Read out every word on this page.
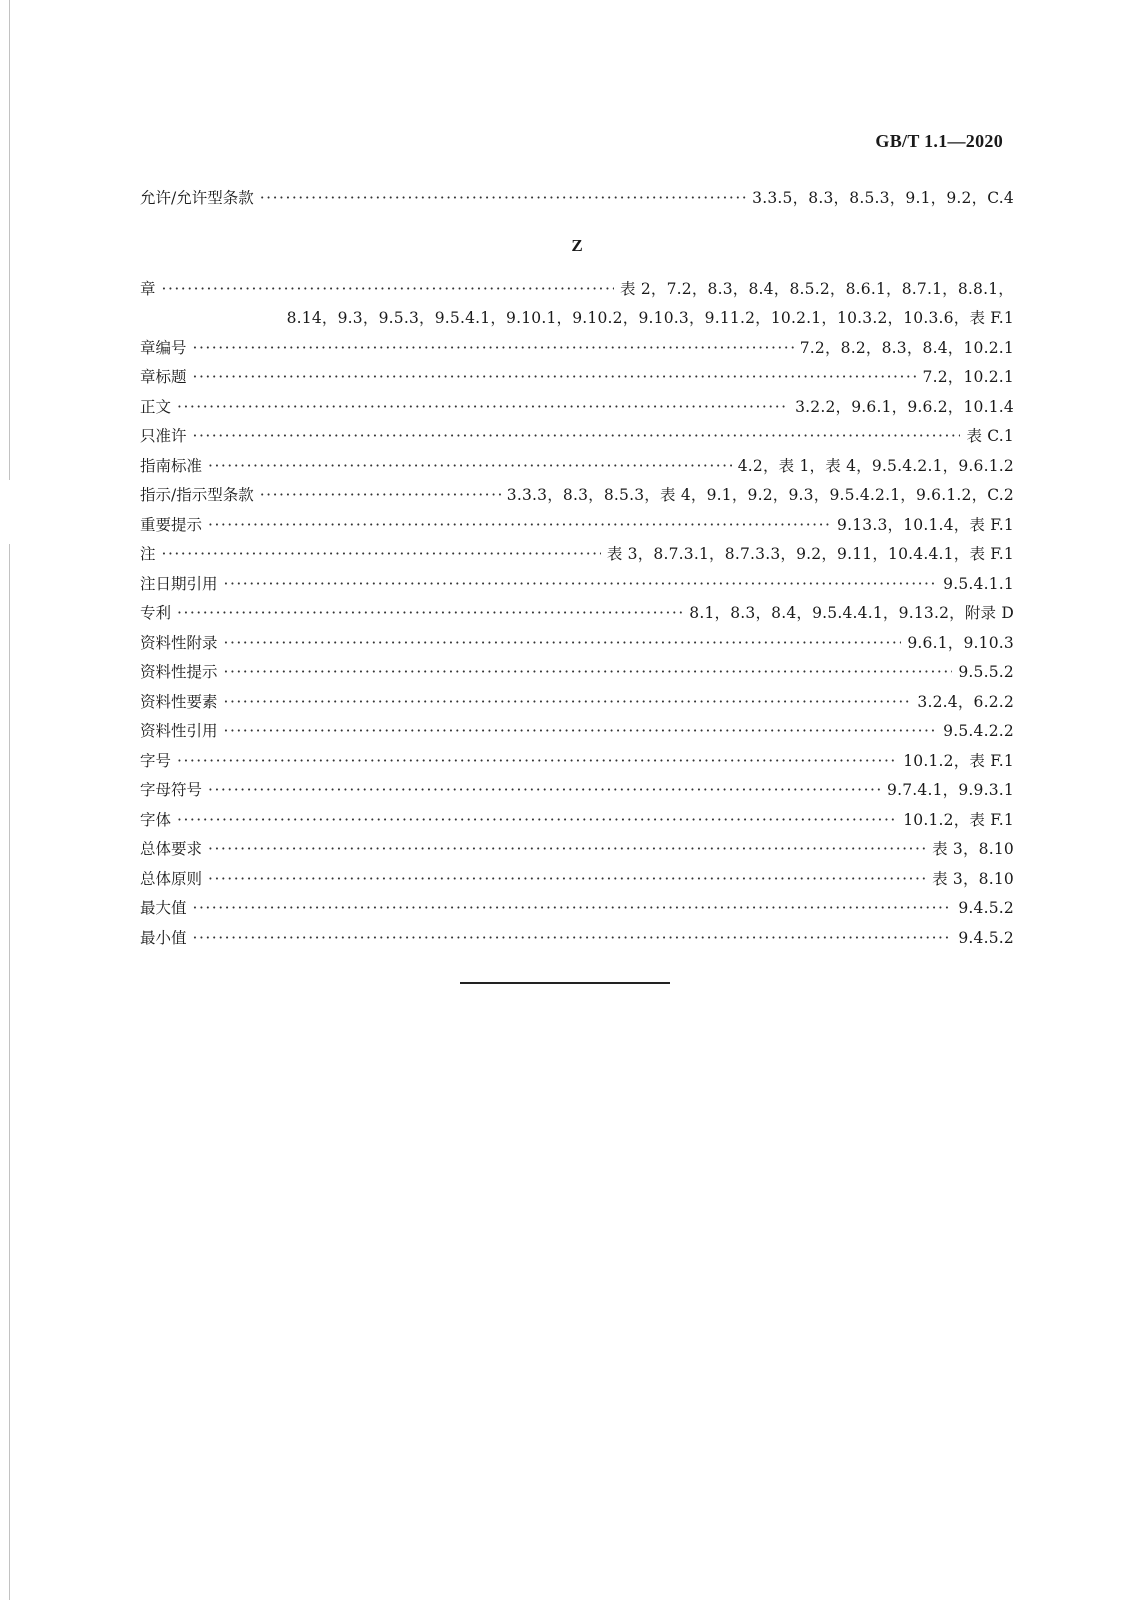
GB/T 1.1—2020
允许/允许型条款 ·····	3.3.5，8.3，8.5.3，9.1，9.2，C.4
Z
章 ·····	表 2，7.2，8.3，8.4，8.5.2，8.6.1，8.7.1，8.8.1，
8.14，9.3，9.5.3，9.5.4.1，9.10.1，9.10.2，9.10.3，9.11.2，10.2.1，10.3.2，10.3.6，表 F.1
章编号 ·····	7.2，8.2，8.3，8.4，10.2.1
章标题 ·····	7.2，10.2.1
正文 ·····	3.2.2，9.6.1，9.6.2，10.1.4
只准许 ·····	表 C.1
指南标准 ·····	4.2，表 1，表 4，9.5.4.2.1，9.6.1.2
指示/指示型条款 ·····	3.3.3，8.3，8.5.3，表 4，9.1，9.2，9.3，9.5.4.2.1，9.6.1.2，C.2
重要提示 ·····	9.13.3，10.1.4，表 F.1
注 ·····	表 3，8.7.3.1，8.7.3.3，9.2，9.11，10.4.4.1，表 F.1
注日期引用 ·····	9.5.4.1.1
专利 ·····	8.1，8.3，8.4，9.5.4.4.1，9.13.2，附录 D
资料性附录 ·····	9.6.1，9.10.3
资料性提示 ·····	9.5.5.2
资料性要素 ·····	3.2.4，6.2.2
资料性引用 ·····	9.5.4.2.2
字号 ·····	10.1.2，表 F.1
字母符号 ·····	9.7.4.1，9.9.3.1
字体 ·····	10.1.2，表 F.1
总体要求 ·····	表 3，8.10
总体原则 ·····	表 3，8.10
最大值 ·····	9.4.5.2
最小值 ·····	9.4.5.2
